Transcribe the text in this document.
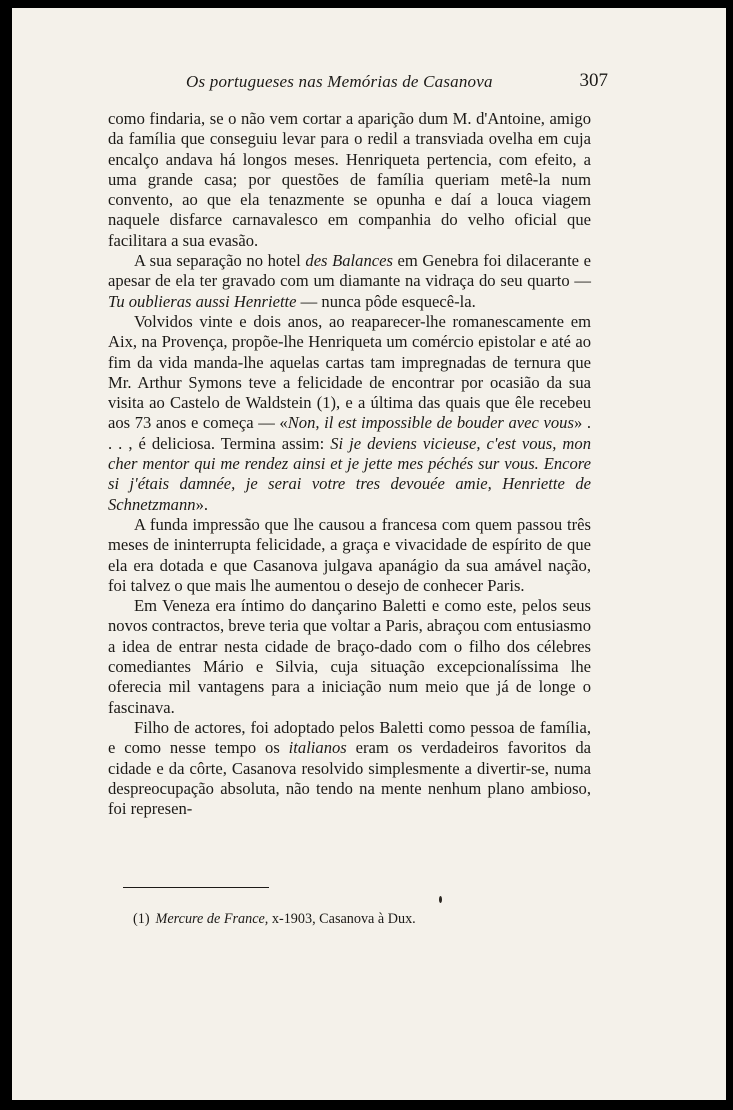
Os portugueses nas Memórias de Casanova	307

como findaria, se o não vem cortar a aparição dum M. d'Antoine, amigo da família que conseguiu levar para o redil a transviada ovelha em cuja encalço andava há longos meses. Henriqueta pertencia, com efeito, a uma grande casa; por questões de família queriam metê-la num convento, ao que ela tenazmente se opunha e daí a louca viagem naquele disfarce carnavalesco em companhia do velho oficial que facilitara a sua evasão.

A sua separação no hotel des Balances em Genebra foi dilacerante e apesar de ela ter gravado com um diamante na vidraça do seu quarto — Tu oublieras aussi Henriette — nunca pôde esquecê-la.

Volvidos vinte e dois anos, ao reaparecer-lhe romanescamente em Aix, na Provença, propõe-lhe Henriqueta um comércio epistolar e até ao fim da vida manda-lhe aquelas cartas tam impregnadas de ternura que Mr. Arthur Symons teve a felicidade de encontrar por ocasião da sua visita ao Castelo de Waldstein (1), e a última das quais que êle recebeu aos 73 anos e começa — «Non, il est impossible de bouder avec vous» . . . , é deliciosa. Termina assim: Si je deviens vicieuse, c'est vous, mon cher mentor qui me rendez ainsi et je jette mes péchés sur vous. Encore si j'étais damnée, je serai votre tres devouée amie, Henriette de Schnetzmann».

A funda impressão que lhe causou a francesa com quem passou três meses de ininterrupta felicidade, a graça e vivacidade de espírito de que ela era dotada e que Casanova julgava apanágio da sua amável nação, foi talvez o que mais lhe aumentou o desejo de conhecer Paris.

Em Veneza era íntimo do dançarino Baletti e como este, pelos seus novos contractos, breve teria que voltar a Paris, abraçou com entusiasmo a idea de entrar nesta cidade de braço-dado com o filho dos célebres comediantes Mário e Silvia, cuja situação excepcionalíssima lhe oferecia mil vantagens para a iniciação num meio que já de longe o fascinava.

Filho de actores, foi adoptado pelos Baletti como pessoa de família, e como nesse tempo os italianos eram os verdadeiros favoritos da cidade e da côrte, Casanova resolvido simplesmente a divertir-se, numa despreocupação absoluta, não tendo na mente nenhum plano ambioso, foi represen-

(1) Mercure de France, x-1903, Casanova à Dux.
